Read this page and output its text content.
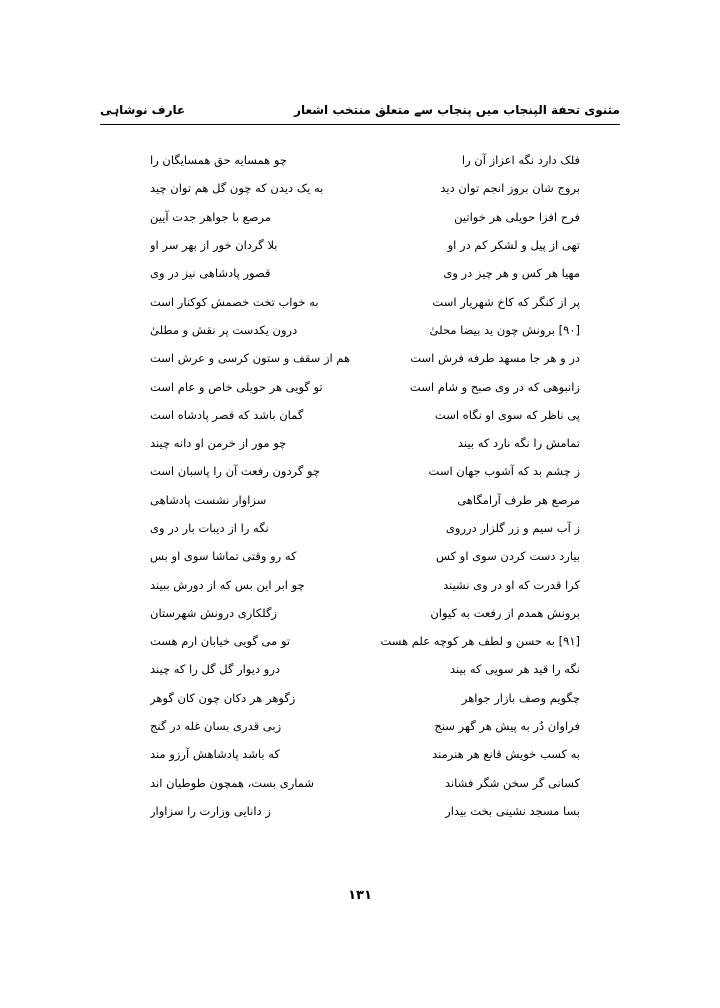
مثنوی تحفة الپنجاب میں پنجاب سے متعلق منتخب اشعار
عارف نوشاہی
فلک دارد نگه اعزاز آن را
چو همسایه حق همسایگان را
بروج شان بروز انجم توان دید
به یک دیدن که چون گل هم توان چید
فرح افزا حویلی هر خواتین
مرصع با جواهر جدت آیین
تهی از پیل و لشکر کم در او
بلا گردان خور از بهر سر او
مهیا هر کس و هر چیز در وی
قصور پادشاهی نیز در وی
پر از کنگر که کاخ شهریار است
به خواب تخت خصمش کوکنار است
[۹۰] برونش چون ید بیضا محلیٰ
درون یکدست پر نقش و مطلیٰ
در و هر جا مسهد طرفه فرش است
هم از سقف و ستون کرسی و عرش است
زانبوهی که در وی صبح و شام است
تو گویی هر حویلی خاص و عام است
پی ناظر که سوی او نگاه است
گمان باشد که قصر پادشاه است
تمامش را نگه نارد که بیند
چو مور از خرمن او دانه چیند
ز چشم بد که آشوب جهان است
چو گردون رفعت آن را پاسبان است
مرصع هر طرف آرامگاهی
سزاوار نشست پادشاهی
ز آب سیم و زر گلزار درروی
نگه را از دیبات بار در وی
بیارد دست کردن سوی او کس
که رو وقتی تماشا سوی او بس
کرا قدرت که او در وی نشیند
چو ابر این بس که از دورش ببیند
برونش همدم از رفعت به کیوان
زگلکاری درونش شهرستان
[۹۱] به حسن و لطف هر کوچه علم هست
تو می گویی خیابان ارم هست
نگه را قید هر سویی که بیند
درو دیوار گل گل را که چیند
چگویم وصف بازار جواهر
زگوهر هر دکان چون کان گوهر
فراوان دُر به پیش هر گهر سنج
زبی قدری بسانِ غله در گنج
به کسب خویش قانع هر هنرمند
که باشد پادشاهش آرزو مند
کسانی گر سخن شگر فشاند
شماری بست، همچون طوطیان اند
بسا مسجد نشینی بخت بیدار
ز دانایی وزارت را سزاوار
۱۳۱
